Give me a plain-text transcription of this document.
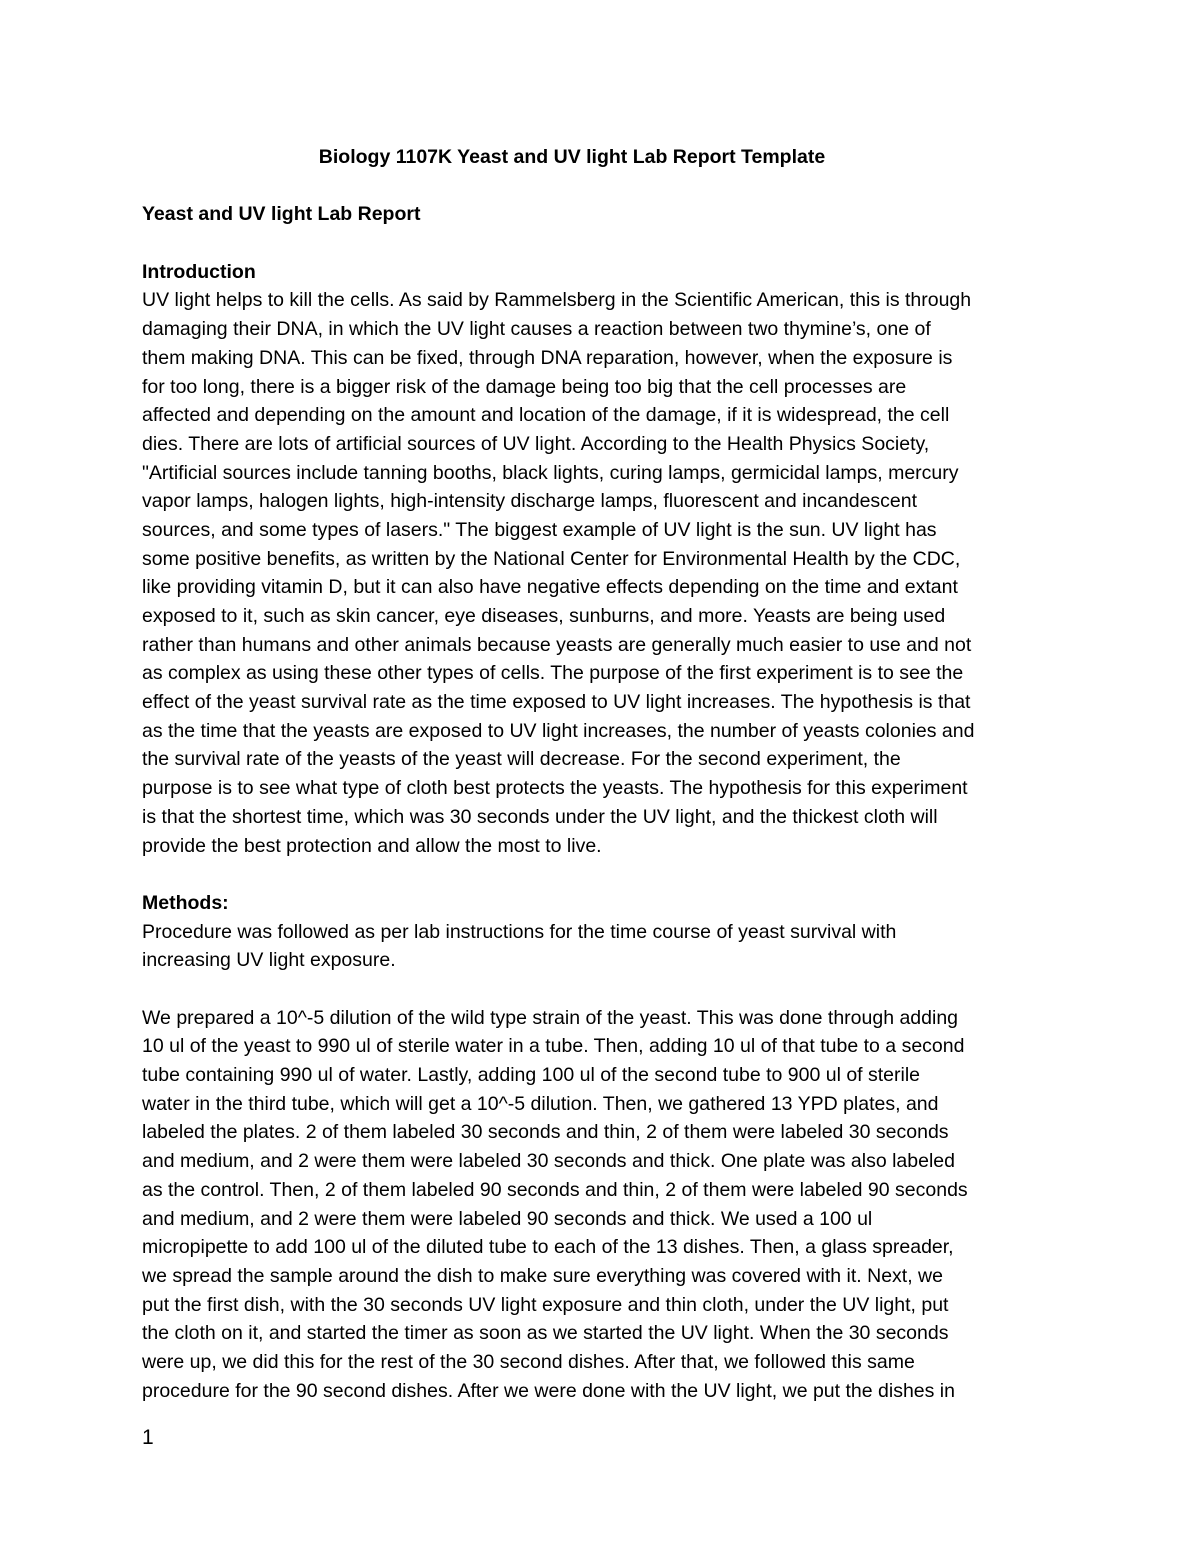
Biology 1107K Yeast and UV light Lab Report Template
Yeast and UV light Lab Report
Introduction
UV light helps to kill the cells. As said by Rammelsberg in the Scientific American, this is through
damaging their DNA, in which the UV light causes a reaction between two thymine’s, one of
them making DNA. This can be fixed, through DNA reparation, however, when the exposure is
for too long, there is a bigger risk of the damage being too big that the cell processes are
affected and depending on the amount and location of the damage, if it is widespread, the cell
dies. There are lots of artificial sources of UV light. According to the Health Physics Society,
"Artificial sources include tanning booths, black lights, curing lamps, germicidal lamps, mercury
vapor lamps, halogen lights, high-intensity discharge lamps, fluorescent and incandescent
sources, and some types of lasers." The biggest example of UV light is the sun. UV light has
some positive benefits, as written by the National Center for Environmental Health by the CDC,
like providing vitamin D, but it can also have negative effects depending on the time and extant
exposed to it, such as skin cancer, eye diseases, sunburns, and more. Yeasts are being used
rather than humans and other animals because yeasts are generally much easier to use and not
as complex as using these other types of cells. The purpose of the first experiment is to see the
effect of the yeast survival rate as the time exposed to UV light increases. The hypothesis is that
as the time that the yeasts are exposed to UV light increases, the number of yeasts colonies and
the survival rate of the yeasts of the yeast will decrease. For the second experiment, the
purpose is to see what type of cloth best protects the yeasts. The hypothesis for this experiment
is that the shortest time, which was 30 seconds under the UV light, and the thickest cloth will
provide the best protection and allow the most to live.
Methods:
Procedure was followed as per lab instructions for the time course of yeast survival with
increasing UV light exposure.
We prepared a 10^-5 dilution of the wild type strain of the yeast. This was done through adding
10 ul of the yeast to 990 ul of sterile water in a tube. Then, adding 10 ul of that tube to a second
tube containing 990 ul of water. Lastly, adding 100 ul of the second tube to 900 ul of sterile
water in the third tube, which will get a 10^-5 dilution. Then, we gathered 13 YPD plates, and
labeled the plates. 2 of them labeled 30 seconds and thin, 2 of them were labeled 30 seconds
and medium, and 2 were them were labeled 30 seconds and thick. One plate was also labeled
as the control. Then, 2 of them labeled 90 seconds and thin, 2 of them were labeled 90 seconds
and medium, and 2 were them were labeled 90 seconds and thick. We used a 100 ul
micropipette to add 100 ul of the diluted tube to each of the 13 dishes. Then, a glass spreader,
we spread the sample around the dish to make sure everything was covered with it. Next, we
put the first dish, with the 30 seconds UV light exposure and thin cloth, under the UV light, put
the cloth on it, and started the timer as soon as we started the UV light. When the 30 seconds
were up, we did this for the rest of the 30 second dishes. After that, we followed this same
procedure for the 90 second dishes. After we were done with the UV light, we put the dishes in
1
